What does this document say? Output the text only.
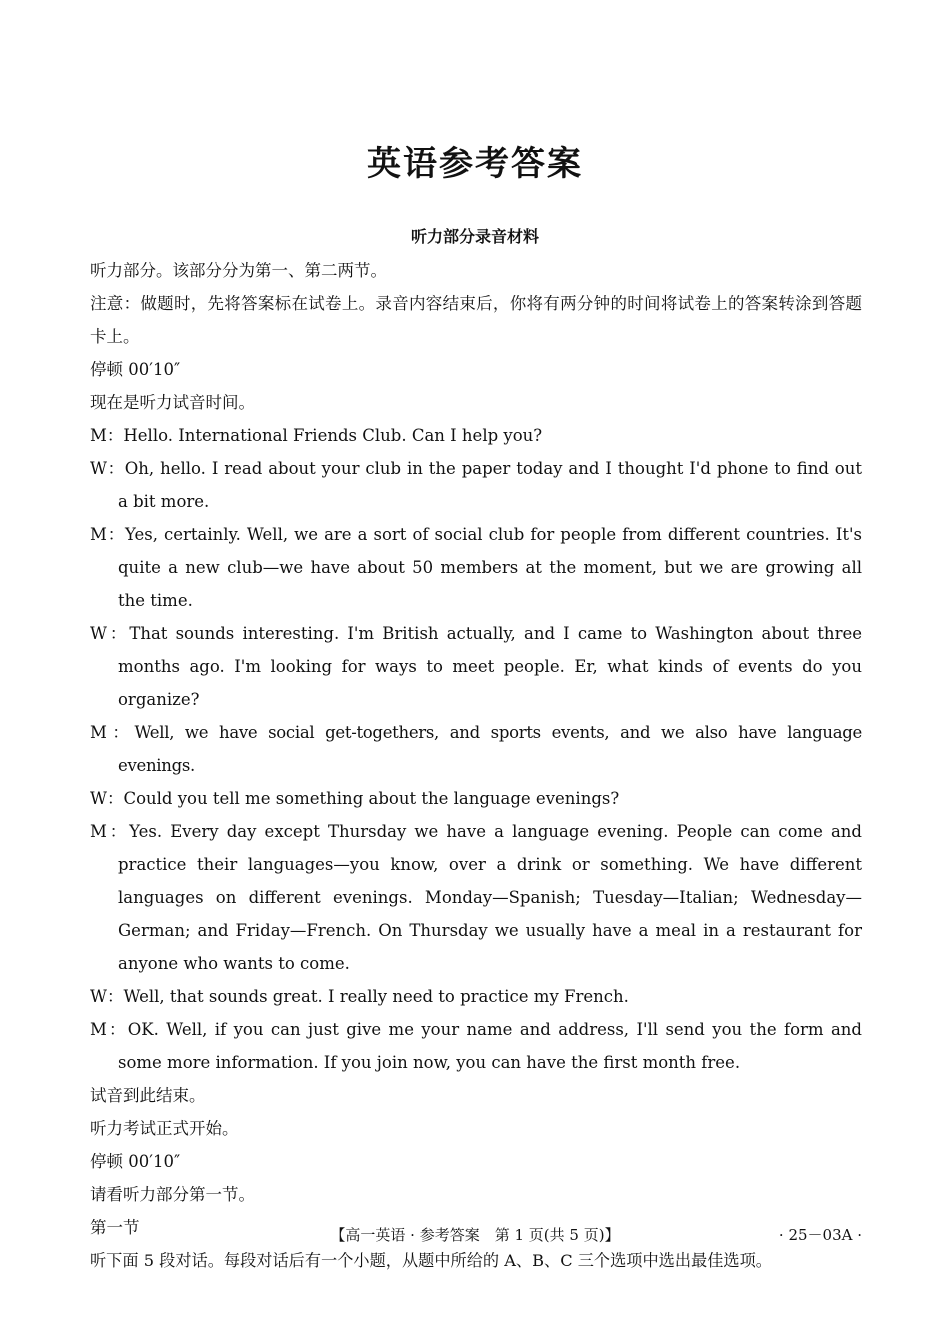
英语参考答案
听力部分录音材料

听力部分。该部分分为第一、第二两节。

注意：做题时，先将答案标在试卷上。录音内容结束后，你将有两分钟的时间将试卷上的答案转涂到答题卡上。

停顿 00′10″

现在是听力试音时间。

M：Hello. International Friends Club. Can I help you?

W：Oh, hello. I read about your club in the paper today and I thought I'd phone to find out a bit more.

M：Yes, certainly. Well, we are a sort of social club for people from different countries. It's quite a new club—we have about 50 members at the moment, but we are growing all the time.

W：That sounds interesting. I'm British actually, and I came to Washington about three months ago. I'm looking for ways to meet people. Er, what kinds of events do you organize?

M：Well, we have social get-togethers, and sports events, and we also have language evenings.

W：Could you tell me something about the language evenings?

M：Yes. Every day except Thursday we have a language evening. People can come and practice their languages—you know, over a drink or something. We have different languages on different evenings. Monday—Spanish; Tuesday—Italian; Wednesday—German; and Friday—French. On Thursday we usually have a meal in a restaurant for anyone who wants to come.

W：Well, that sounds great. I really need to practice my French.

M：OK. Well, if you can just give me your name and address, I'll send you the form and some more information. If you join now, you can have the first month free.

试音到此结束。

听力考试正式开始。

停顿 00′10″

请看听力部分第一节。

第一节

听下面 5 段对话。每段对话后有一个小题，从题中所给的 A、B、C 三个选项中选出最佳选项。

【高一英语 · 参考答案　第 1 页(共 5 页)】	· 25－03A ·
